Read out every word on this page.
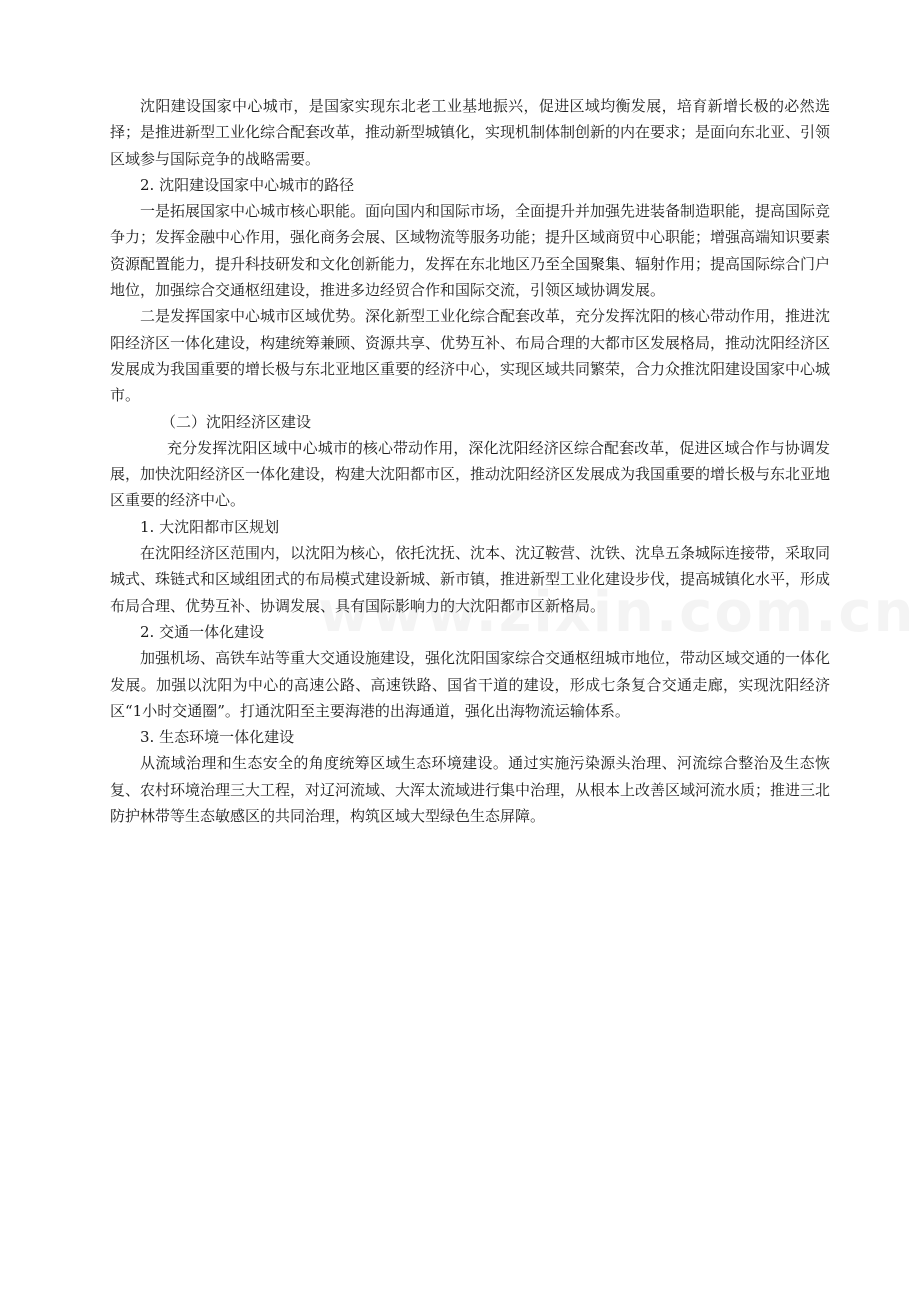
沈阳建设国家中心城市，是国家实现东北老工业基地振兴，促进区域均衡发展，培育新增长极的必然选择；是推进新型工业化综合配套改革，推动新型城镇化，实现机制体制创新的内在要求；是面向东北亚、引领区域参与国际竞争的战略需要。

2. 沈阳建设国家中心城市的路径

一是拓展国家中心城市核心职能。面向国内和国际市场，全面提升并加强先进装备制造职能，提高国际竞争力；发挥金融中心作用，强化商务会展、区域物流等服务功能；提升区域商贸中心职能；增强高端知识要素资源配置能力，提升科技研发和文化创新能力，发挥在东北地区乃至全国聚集、辐射作用；提高国际综合门户地位，加强综合交通枢纽建设，推进多边经贸合作和国际交流，引领区域协调发展。

二是发挥国家中心城市区域优势。深化新型工业化综合配套改革，充分发挥沈阳的核心带动作用，推进沈阳经济区一体化建设，构建统筹兼顾、资源共享、优势互补、布局合理的大都市区发展格局，推动沈阳经济区发展成为我国重要的增长极与东北亚地区重要的经济中心，实现区域共同繁荣，合力众推沈阳建设国家中心城市。

（二）沈阳经济区建设

充分发挥沈阳区域中心城市的核心带动作用，深化沈阳经济区综合配套改革，促进区域合作与协调发展，加快沈阳经济区一体化建设，构建大沈阳都市区，推动沈阳经济区发展成为我国重要的增长极与东北亚地区重要的经济中心。

1. 大沈阳都市区规划

在沈阳经济区范围内，以沈阳为核心，依托沈抚、沈本、沈辽鞍营、沈铁、沈阜五条城际连接带，采取同城式、珠链式和区域组团式的布局模式建设新城、新市镇，推进新型工业化建设步伐，提高城镇化水平，形成布局合理、优势互补、协调发展、具有国际影响力的大沈阳都市区新格局。

2. 交通一体化建设

加强机场、高铁车站等重大交通设施建设，强化沈阳国家综合交通枢纽城市地位，带动区域交通的一体化发展。加强以沈阳为中心的高速公路、高速铁路、国省干道的建设，形成七条复合交通走廊，实现沈阳经济区“1小时交通圈”。打通沈阳至主要海港的出海通道，强化出海物流运输体系。

3. 生态环境一体化建设

从流域治理和生态安全的角度统筹区域生态环境建设。通过实施污染源头治理、河流综合整治及生态恢复、农村环境治理三大工程，对辽河流域、大浑太流域进行集中治理，从根本上改善区域河流水质；推进三北防护林带等生态敏感区的共同治理，构筑区域大型绿色生态屏障。
